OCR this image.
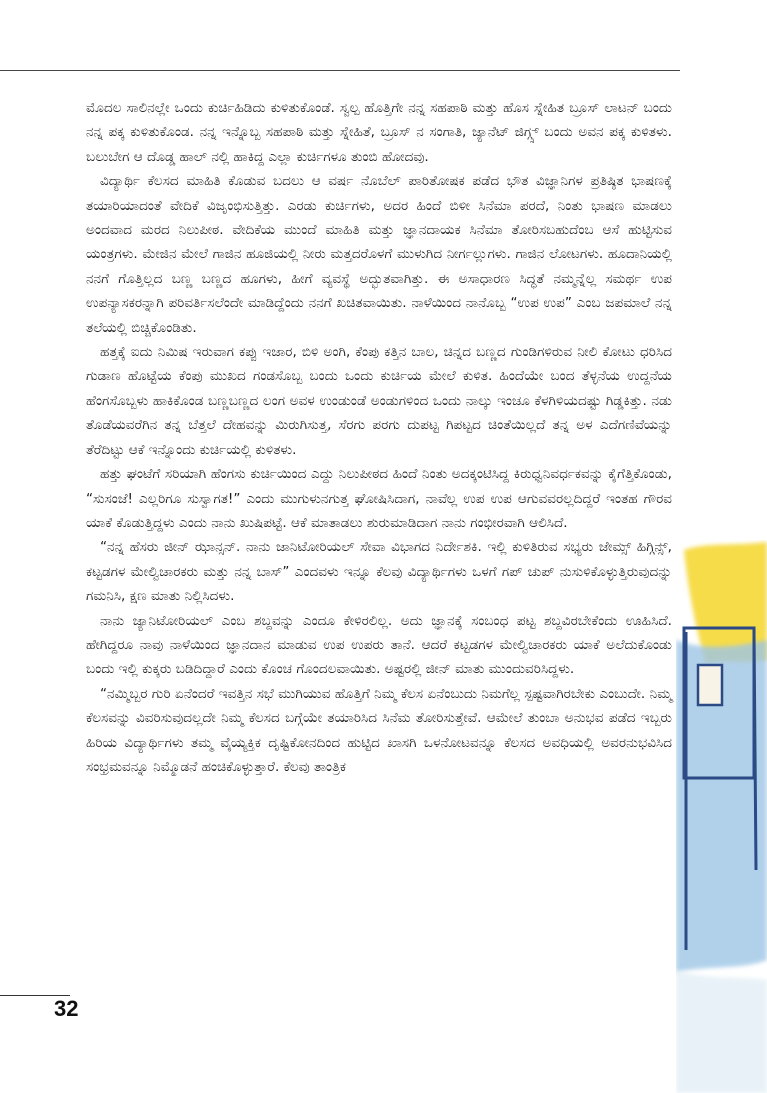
ಮೊದಲ ಸಾಲಿನಲ್ಲೇ ಒಂದು ಕುರ್ಚಿಹಿಡಿದು ಕುಳಿತುಕೊಂಡೆ. ಸ್ವಲ್ಪ ಹೊತ್ತಿಗೇ ನನ್ನ ಸಹಪಾಠಿ ಮತ್ತು ಹೊಸ ಸ್ನೇಹಿತ ಬ್ರೂಸ್ ಲಾಟನ್ ಬಂದು ನನ್ನ ಪಕ್ಕ ಕುಳಿತುಕೊಂಡ. ನನ್ನ ಇನ್ನೊಬ್ಬ ಸಹಪಾಠಿ ಮತ್ತು ಸ್ನೇಹಿತೆ, ಬ್ರೂಸ್ ನ ಸಂಗಾತಿ, ಜ್ಯಾನೆಟ್ ಜಿಗ್ಗ್ಸ್ ಬಂದು ಅವನ ಪಕ್ಕ ಕುಳಿತಳು. ಬಲುಬೇಗ ಆ ದೊಡ್ಡ ಹಾಲ್ ನಲ್ಲಿ ಹಾಕಿದ್ದ ಎಲ್ಲಾ ಕುರ್ಚಿಗಳೂ ತುಂಬಿ ಹೋದವು.

ವಿದ್ಯಾರ್ಥಿ ಕೆಲಸದ ಮಾಹಿತಿ ಕೊಡುವ ಬದಲು ಆ ವರ್ಷ ನೊಬೆಲ್ ಪಾರಿತೋಷಕ ಪಡೆದ ಭೌತ ವಿಜ್ಞಾನಿಗಳ ಪ್ರತಿಷ್ಠಿತ ಭಾಷಣಕ್ಕೆ ತಯಾರಿಯಾದಂತೆ ವೇದಿಕೆ ವಿಜೃಂಭಿಸುತ್ತಿತ್ತು. ಎರಡು ಕುರ್ಚಿಗಳು, ಅದರ ಹಿಂದೆ ಬಿಳೀ ಸಿನೆಮಾ ಪರದೆ, ನಿಂತು ಭಾಷಣ ಮಾಡಲು ಅಂದವಾದ ಮರದ ನಿಲುಪೀಠ. ವೇದಿಕೆಯ ಮುಂದೆ ಮಾಹಿತಿ ಮತ್ತು ಜ್ಞಾನದಾಯಕ ಸಿನೆಮಾ ತೋರಿಸಬಹುದೆಂಬ ಆಸೆ ಹುಟ್ಟಿಸುವ ಯಂತ್ರಗಳು. ಮೇಜಿನ ಮೇಲೆ ಗಾಜಿನ ಹೂಜಿಯಲ್ಲಿ ನೀರು ಮತ್ತದರೊಳಗೆ ಮುಳುಗಿದ ನೀರ್ಗಲ್ಲುಗಳು. ಗಾಜಿನ ಲೋಟಗಳು. ಹೂದಾನಿಯಲ್ಲಿ ನನಗೆ ಗೊತ್ತಿಲ್ಲದ ಬಣ್ಣ ಬಣ್ಣದ ಹೂಗಳು, ಹೀಗೆ ವ್ಯವಸ್ಥೆ ಅದ್ಭುತವಾಗಿತ್ತು. ಈ ಅಸಾಧಾರಣ ಸಿದ್ಧತೆ ನಮ್ಮನ್ನೆಲ್ಲ ಸಮರ್ಥ ಉಪ ಉಪನ್ಯಾಸಕರನ್ನಾಗಿ ಪರಿವರ್ತಿಸಲೆಂದೇ ಮಾಡಿದ್ದೆಂದು ನನಗೆ ಖಚಿತವಾಯಿತು. ನಾಳೆಯಿಂದ ನಾನೊಬ್ಬ “ಉಪ ಉಪ” ಎಂಬ ಜಪಮಾಲೆ ನನ್ನ ತಲೆಯಲ್ಲಿ ಬಿಚ್ಚಿಕೊಂಡಿತು.

ಹತ್ತಕ್ಕೆ ಐದು ನಿಮಿಷ ಇರುವಾಗ ಕಪ್ಪು ಇಜಾರ, ಬಿಳಿ ಅಂಗಿ, ಕೆಂಪು ಕತ್ತಿನ ಬಾಲ, ಚಿನ್ನದ ಬಣ್ಣದ ಗುಂಡಿಗಳಿರುವ ನೀಲಿ ಕೋಟು ಧರಿಸಿದ ಗುಡಾಣ ಹೊಟ್ಟೆಯ ಕೆಂಪು ಮುಖದ ಗಂಡಸೊಬ್ಬ ಬಂದು ಒಂದು ಕುರ್ಚಿಯ ಮೇಲೆ ಕುಳಿತ. ಹಿಂದೆಯೇ ಬಂದ ತೆಳ್ಳನೆಯ ಉದ್ದನೆಯ ಹೆಂಗಸೊಬ್ಬಳು ಹಾಕಿಕೊಂಡ ಬಣ್ಣಬಣ್ಣದ ಲಂಗ ಅವಳ ಉಂಡುಂಡೆ ಅಂಡುಗಳಿಂದ ಒಂದು ನಾಲ್ಕು ಇಂಚೂ ಕೆಳಗಿಳಿಯದಷ್ಟು ಗಿಡ್ಡಕಿತ್ತು. ನಡು ತೊಡೆಯವರೆಗಿನ ತನ್ನ ಬೆತ್ತಲೆ ದೇಹವನ್ನು ಮಿರುಗಿಸುತ್ತ, ಸೆರಗು ಪರಗು ದುಪಟ್ಟ ಗಿಪಟ್ಟದ ಚಿಂತೆಯಿಲ್ಲದೆ ತನ್ನ ಅಳ ಎದೆಗಣಿವೆಯನ್ನು ತೆರೆದಿಟ್ಟು ಆಕೆ ಇನ್ನೊಂದು ಕುರ್ಚಿಯಲ್ಲಿ ಕುಳಿತಳು.

ಹತ್ತು ಘಂಟೆಗೆ ಸರಿಯಾಗಿ ಹೆಂಗಸು ಕುರ್ಚಿಯಿಂದ ಎದ್ದು ನಿಲುಪೀಠದ ಹಿಂದೆ ನಿಂತು ಅದಕ್ಕಂಟಿಸಿದ್ದ ಕಿರುಧ್ವನಿವರ್ಧಕವನ್ನು ಕೈಗೆತ್ತಿಕೊಂಡು, “ಸುಸಂಜೆ! ಎಲ್ಲರಿಗೂ ಸುಸ್ವಾಗತ!” ಎಂದು ಮುಗುಳುನಗುತ್ತ ಘೋಷಿಸಿದಾಗ, ನಾವೆಲ್ಲ ಉಪ ಉಪ ಆಗುವವರಲ್ಲದಿದ್ದರೆ ಇಂತಹ ಗೌರವ ಯಾಕೆ ಕೊಡುತ್ತಿದ್ದಳು ಎಂದು ನಾನು ಖುಷಿಪಟ್ಟೆ. ಆಕೆ ಮಾತಾಡಲು ಶುರುಮಾಡಿದಾಗ ನಾನು ಗಂಭೀರವಾಗಿ ಆಲಿಸಿದೆ.

“ನನ್ನ ಹೆಸರು ಜೀನ್ ಝಾನ್ಸನ್. ನಾನು ಜಾನಿಟೋರಿಯಲ್ ಸೇವಾ ವಿಭಾಗದ ನಿರ್ದೇಶಕಿ. ಇಲ್ಲಿ ಕುಳಿತಿರುವ ಸಭ್ಯರು ಜೇಮ್ಸ್ ಹಿಗ್ಗಿನ್ಸ್, ಕಟ್ಟಡಗಳ ಮೇಲ್ವಿಚಾರಕರು ಮತ್ತು ನನ್ನ ಬಾಸ್” ಎಂದವಳು ಇನ್ನೂ ಕೆಲವು ವಿದ್ಯಾರ್ಥಿಗಳು ಒಳಗೆ ಗಪ್ ಚುಪ್ ನುಸುಳಿಕೊಳ್ಳುತ್ತಿರುವುದನ್ನು ಗಮನಿಸಿ, ಕ್ಷಣ ಮಾತು ನಿಲ್ಲಿಸಿದಳು.

ನಾನು ಜ್ಯಾನಿಟೋರಿಯಲ್ ಎಂಬ ಶಬ್ದವನ್ನು ಎಂದೂ ಕೇಳಿರಲಿಲ್ಲ. ಅದು ಜ್ಞಾನಕ್ಕೆ ಸಂಬಂಧ ಪಟ್ಟ ಶಬ್ದವಿರಬೇಕೆಂದು ಊಹಿಸಿದೆ. ಹೇಗಿದ್ದರೂ ನಾವು ನಾಳೆಯಿಂದ ಜ್ಞಾನದಾನ ಮಾಡುವ ಉಪ ಉಪರು ತಾನೆ. ಆದರೆ ಕಟ್ಟಡಗಳ ಮೇಲ್ವಿಚಾರಕರು ಯಾಕೆ ಅಲೆದುಕೊಂಡು ಬಂದು ಇಲ್ಲಿ ಕುಕ್ಕರು ಬಡಿದಿದ್ದಾರೆ ಎಂದು ಕೊಂಚ ಗೊಂದಲವಾಯಿತು. ಅಷ್ಟರಲ್ಲಿ ಜೀನ್ ಮಾತು ಮುಂದುವರಿಸಿದ್ದಳು.

“ನಮ್ಮಿಬ್ಬರ ಗುರಿ ಏನೆಂದರೆ ಇವತ್ತಿನ ಸಭೆ ಮುಗಿಯುವ ಹೊತ್ತಿಗೆ ನಿಮ್ಮ ಕೆಲಸ ಏನೆಂಬುದು ನಿಮಗೆಲ್ಲ ಸ್ಪಷ್ಟವಾಗಿರಬೇಕು ಎಂಬುದೇ. ನಿಮ್ಮ ಕೆಲಸವನ್ನು ವಿವರಿಸುವುದಲ್ಲದೇ ನಿಮ್ಮ ಕೆಲಸದ ಬಗ್ಗೆಯೇ ತಯಾರಿಸಿದ ಸಿನೆಮ ತೋರಿಸುತ್ತೇವೆ. ಆಮೇಲೆ ತುಂಬಾ ಅನುಭವ ಪಡೆದ ಇಬ್ಬರು ಹಿರಿಯ ವಿದ್ಯಾರ್ಥಿಗಳು ತಮ್ಮ ವೈಯ್ಯಕ್ತಿಕ ದೃಷ್ಟಿಕೋನದಿಂದ ಹುಟ್ಟಿದ ಖಾಸಗಿ ಒಳನೋಟವನ್ನೂ ಕೆಲಸದ ಅವಧಿಯಲ್ಲಿ ಅವರನುಭವಿಸಿದ ಸಂಭ್ರಮವನ್ನೂ ನಿಮ್ಮೊಡನೆ ಹಂಚಿಕೊಳ್ಳುತ್ತಾರೆ. ಕೆಲವು ತಾಂತ್ರಿಕ

32
